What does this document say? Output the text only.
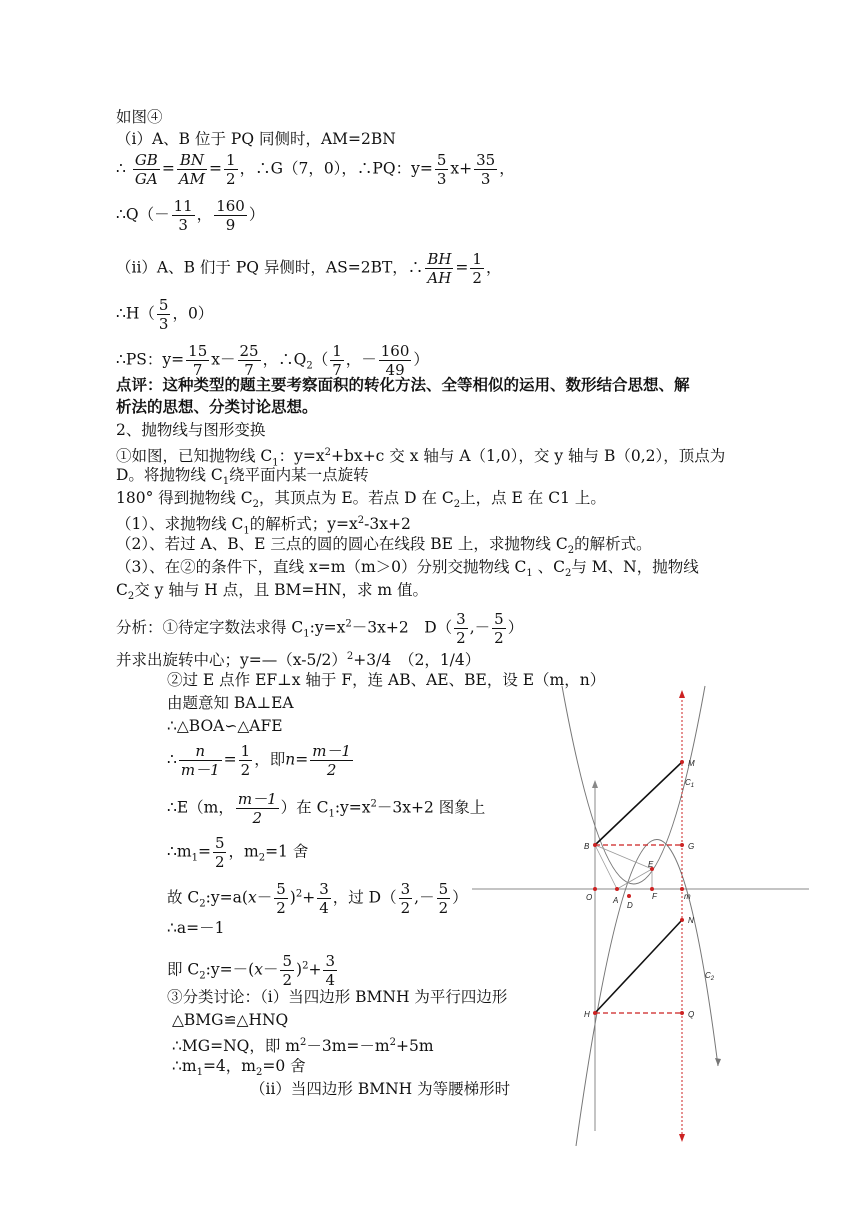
如图④
（i）A、B 位于 PQ 同侧时，AM=2BN
∴ $\frac{GB}{GA} = \frac{BN}{AM} = \frac{1}{2}$ ，∴G（7，0），∴PQ：$y= \frac{5}{3} x+ \frac{35}{3}$ ，
∴Q（－ $\frac{11}{3}$ ， $\frac{160}{9}$ ）
（ii）A、B 们于 PQ 异侧时，AS=2BT，∴ $\frac{BH}{AH} = \frac{1}{2}$ ，
∴H（ $\frac{5}{3}$ ，0）
∴PS：$y= \frac{15}{7} x- \frac{25}{7}$ ，$\therefore Q_2( \frac{1}{7}$ ，－ $\frac{160}{49}$ ）
点评：这种类型的题主要考察面积的转化方法、全等相似的运用、数形结合思想、解
析法的思想、分类讨论思想。
2、抛物线与图形变换
①如图，已知抛物线 $C_1$：$y=x^2+bx+c$ 交 x 轴与 A（1,0），交 y 轴与 B（0,2），顶点为
D。将抛物线 $C_1$绕平面内某一点旋转
180° 得到抛物线 $C_2$，其顶点为 E。若点 D 在 $C_2$上，点 E 在 C1 上。
（1）、求抛物线 $C_1$的解析式；$y=x^2-3x+2$
（2）、若过 A、B、E 三点的圆的圆心在线段 BE 上，求抛物线 $C_2$的解析式。
（3）、在②的条件下，直线 x=m（m＞0）分别交抛物线 $C_1$ 、$C_2$与 M、N，抛物线
$C_2$交 y 轴与 H 点，且 BM=HN，求 m 值。
分析：①待定字数法求得 $C_1:y=x^2-3x+2$　$D( \frac{3}{2}$ ,－ $\frac{5}{2}$ ）
并求出旋转中心；$y=—(x-5/2)^2+3/4$　（2，1/4）
②过 E 点作 EF⊥x 轴于 F，连 AB、AE、BE，设 E（m，n）
由题意知 BA⊥EA
∴△BOA∽△AFE
∴ $\frac{n}{m-1} = \frac{1}{2}$ ，即$n= \frac{m-1}{2}$
∴E（m， $\frac{m-1}{2}$ ）在 $C_1:y=x^2-3x+2$ 图象上
$\therefore m_1= \frac{5}{2}$ ，$m_2=1$ 舍
故 $C_2:y=a(x- \frac{5}{2} )^2+ \frac{3}{4}$ ，过 $D( \frac{3}{2}$ ,－ $\frac{5}{2}$ ）
∴a=－1
即 $C_2:y=-(x- \frac{5}{2} )^2+ \frac{3}{4}$
③分类讨论：（i）当四边形 BMNH 为平行四边形
△BMG≌△HNQ
∴MG=NQ，即 $m^2-3m=-m^2+5m$
$\therefore m_1=4$，$m_2=0$ 舍
（ii）当四边形 BMNH 为等腰梯形时
M
$C_1$
G
B
E
O	A
D
F	m
N
$C_2$
H	Q
